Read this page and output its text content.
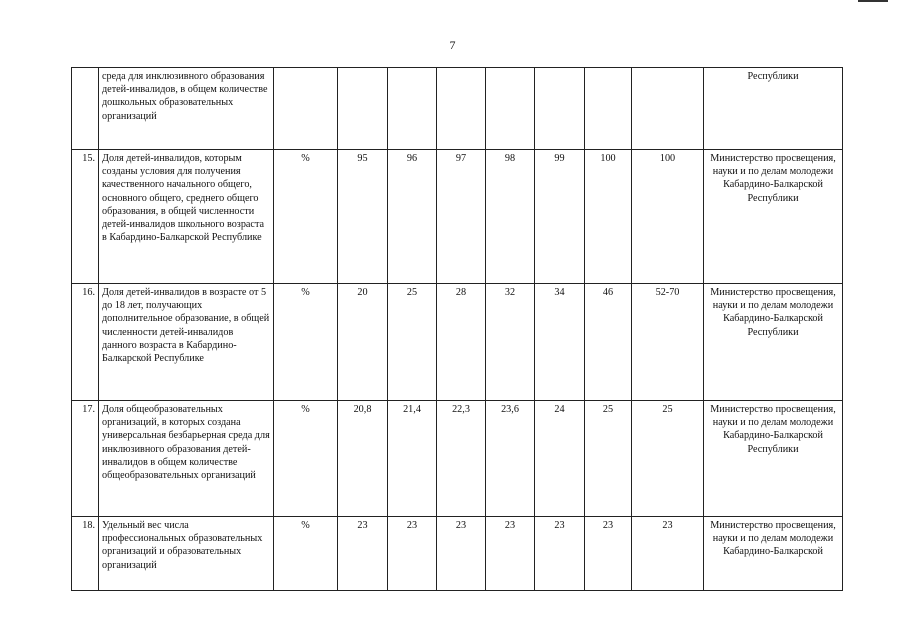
7
	среда для инклюзивного образования детей-инвалидов, в общем количестве дошкольных образовательных организаций									Республики
15.	Доля детей-инвалидов, которым созданы условия для получения качественного начального общего, основного общего, среднего общего образования, в общей численности детей-инвалидов школьного возраста в Кабардино-Балкарской Республике	%	95	96	97	98	99	100	100	Министерство просвещения, науки и по делам молодежи Кабардино-Балкарской Республики
16.	Доля детей-инвалидов в возрасте от 5 до 18 лет, получающих дополнительное образование, в общей численности детей-инвалидов данного возраста в Кабардино-Балкарской Республике	%	20	25	28	32	34	46	52-70	Министерство просвещения, науки и по делам молодежи Кабардино-Балкарской Республики
17.	Доля общеобразовательных организаций, в которых создана универсальная безбарьерная среда для инклюзивного образования детей-инвалидов в общем количестве общеобразовательных организаций	%	20,8	21,4	22,3	23,6	24	25	25	Министерство просвещения, науки и по делам молодежи Кабардино-Балкарской Республики
18.	Удельный вес числа профессиональных образовательных организаций и образовательных организаций	%	23	23	23	23	23	23	23	Министерство просвещения, науки и по делам молодежи Кабардино-Балкарской
